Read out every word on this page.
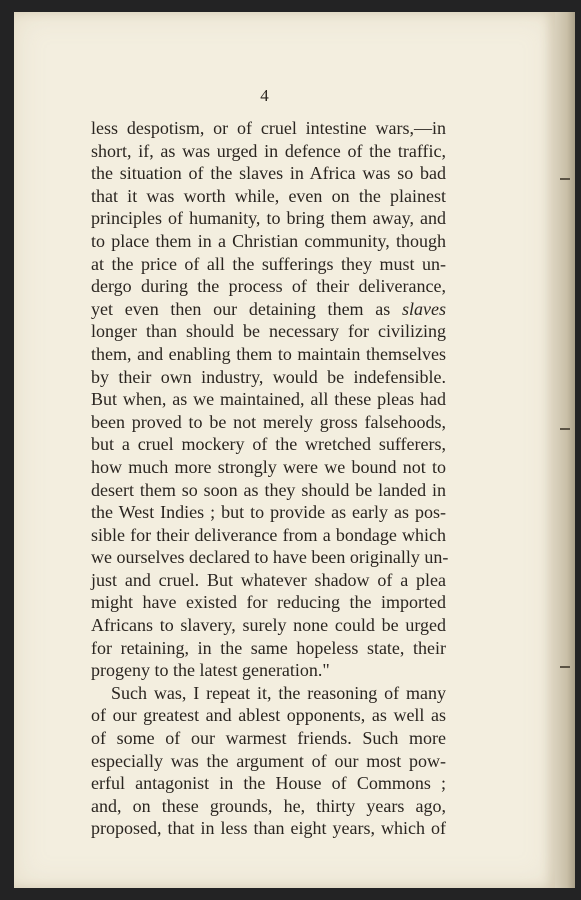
4

less despotism, or of cruel intestine wars,—in
short, if, as was urged in defence of the traffic,
the situation of the slaves in Africa was so bad
that it was worth while, even on the plainest
principles of humanity, to bring them away, and
to place them in a Christian community, though
at the price of all the sufferings they must un-
dergo during the process of their deliverance,
yet even then our detaining them as slaves
longer than should be necessary for civilizing
them, and enabling them to maintain themselves
by their own industry, would be indefensible.
But when, as we maintained, all these pleas had
been proved to be not merely gross falsehoods,
but a cruel mockery of the wretched sufferers,
how much more strongly were we bound not to
desert them so soon as they should be landed in
the West Indies ; but to provide as early as pos-
sible for their deliverance from a bondage which
we ourselves declared to have been originally un-
just and cruel. But whatever shadow of a plea
might have existed for reducing the imported
Africans to slavery, surely none could be urged
for retaining, in the same hopeless state, their
progeny to the latest generation."
Such was, I repeat it, the reasoning of many
of our greatest and ablest opponents, as well as
of some of our warmest friends. Such more
especially was the argument of our most pow-
erful antagonist in the House of Commons ;
and, on these grounds, he, thirty years ago,
proposed, that in less than eight years, which of
